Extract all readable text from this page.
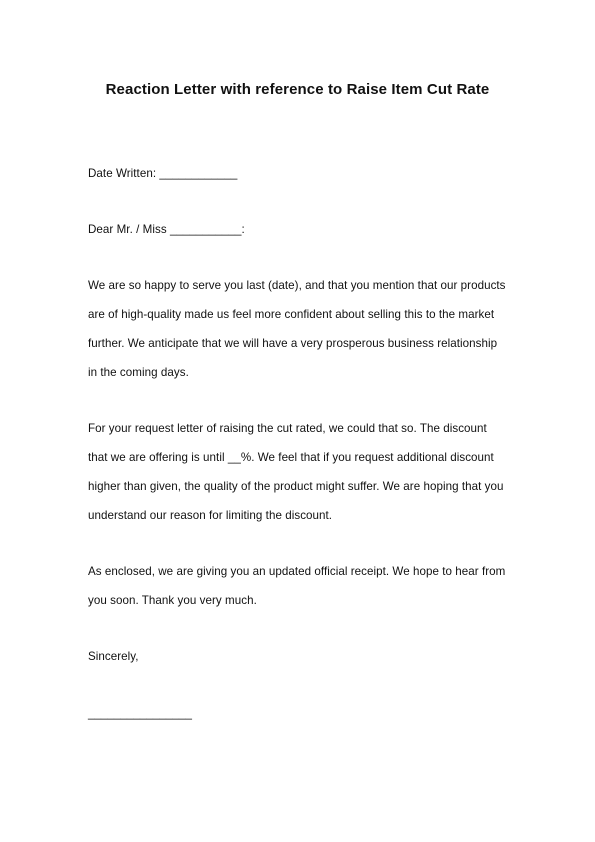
Reaction Letter with reference to Raise Item Cut Rate
Date Written: ____________
Dear Mr. / Miss ___________:
We are so happy to serve you last (date), and that you mention that our products
are of high-quality made us feel more confident about selling this to the market
further. We anticipate that we will have a very prosperous business relationship
in the coming days.
For your request letter of raising the cut rated, we could that so. The discount
that we are offering is until __%. We feel that if you request additional discount
higher than given, the quality of the product might suffer. We are hoping that you
understand our reason for limiting the discount.
As enclosed, we are giving you an updated official receipt. We hope to hear from
you soon. Thank you very much.
Sincerely,
________________
